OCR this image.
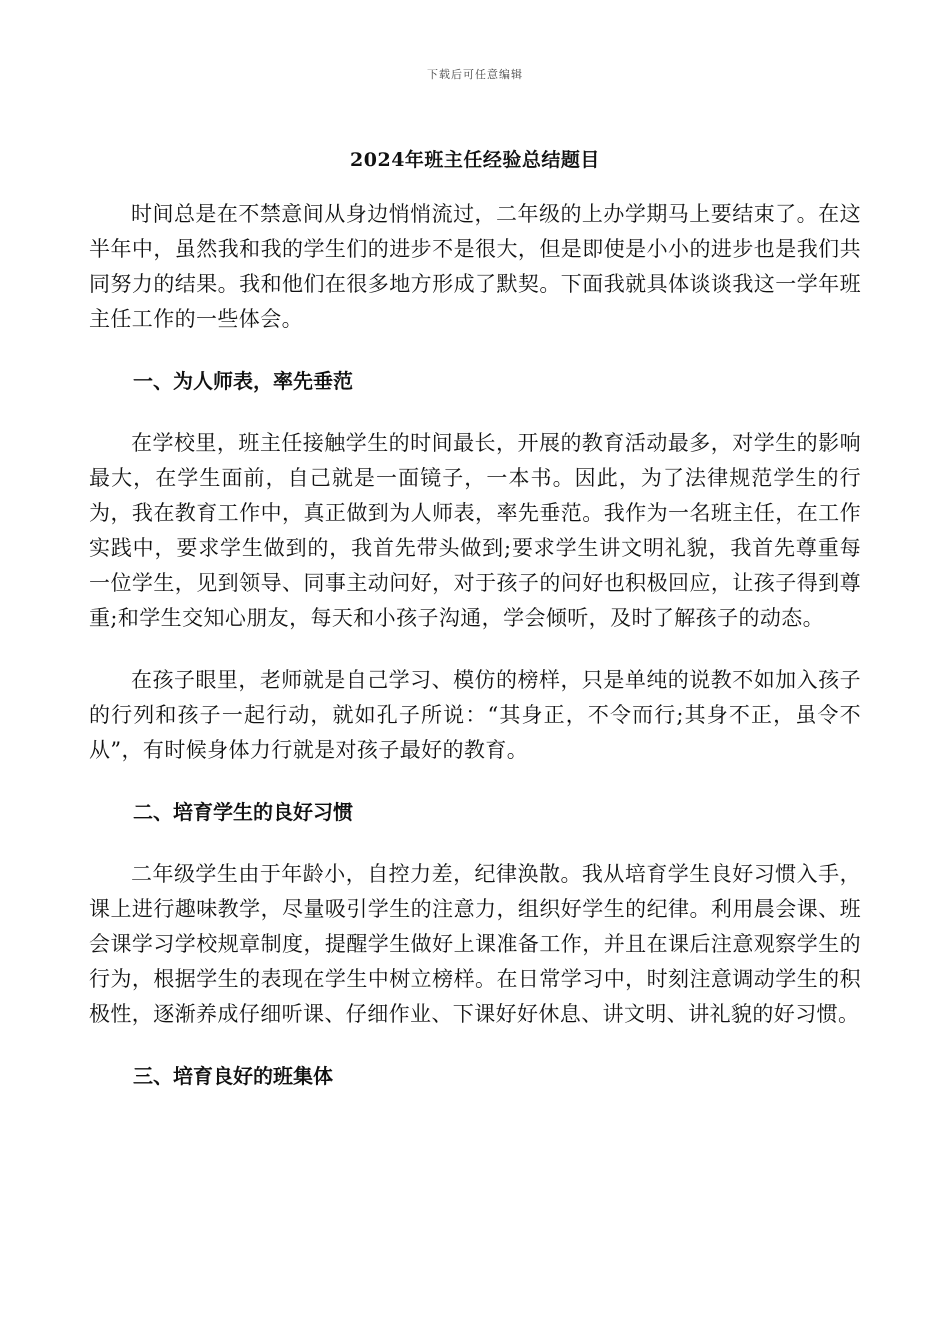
下载后可任意编辑
2024年班主任经验总结题目

时间总是在不禁意间从身边悄悄流过，二年级的上办学期马上要结束了。在这半年中，虽然我和我的学生们的进步不是很大，但是即使是小小的进步也是我们共同努力的结果。我和他们在很多地方形成了默契。下面我就具体谈谈我这一学年班主任工作的一些体会。

一、为人师表，率先垂范

在学校里，班主任接触学生的时间最长，开展的教育活动最多，对学生的影响最大，在学生面前，自己就是一面镜子，一本书。因此，为了法律规范学生的行为，我在教育工作中，真正做到为人师表，率先垂范。我作为一名班主任，在工作实践中，要求学生做到的，我首先带头做到;要求学生讲文明礼貌，我首先尊重每一位学生，见到领导、同事主动问好，对于孩子的问好也积极回应，让孩子得到尊重;和学生交知心朋友，每天和小孩子沟通，学会倾听，及时了解孩子的动态。

在孩子眼里，老师就是自己学习、模仿的榜样，只是单纯的说教不如加入孩子的行列和孩子一起行动，就如孔子所说：“其身正，不令而行;其身不正，虽令不从”，有时候身体力行就是对孩子最好的教育。

二、培育学生的良好习惯

二年级学生由于年龄小，自控力差，纪律涣散。我从培育学生良好习惯入手，课上进行趣味教学，尽量吸引学生的注意力，组织好学生的纪律。利用晨会课、班会课学习学校规章制度，提醒学生做好上课准备工作，并且在课后注意观察学生的行为，根据学生的表现在学生中树立榜样。在日常学习中，时刻注意调动学生的积极性，逐渐养成仔细听课、仔细作业、下课好好休息、讲文明、讲礼貌的好习惯。

三、培育良好的班集体
